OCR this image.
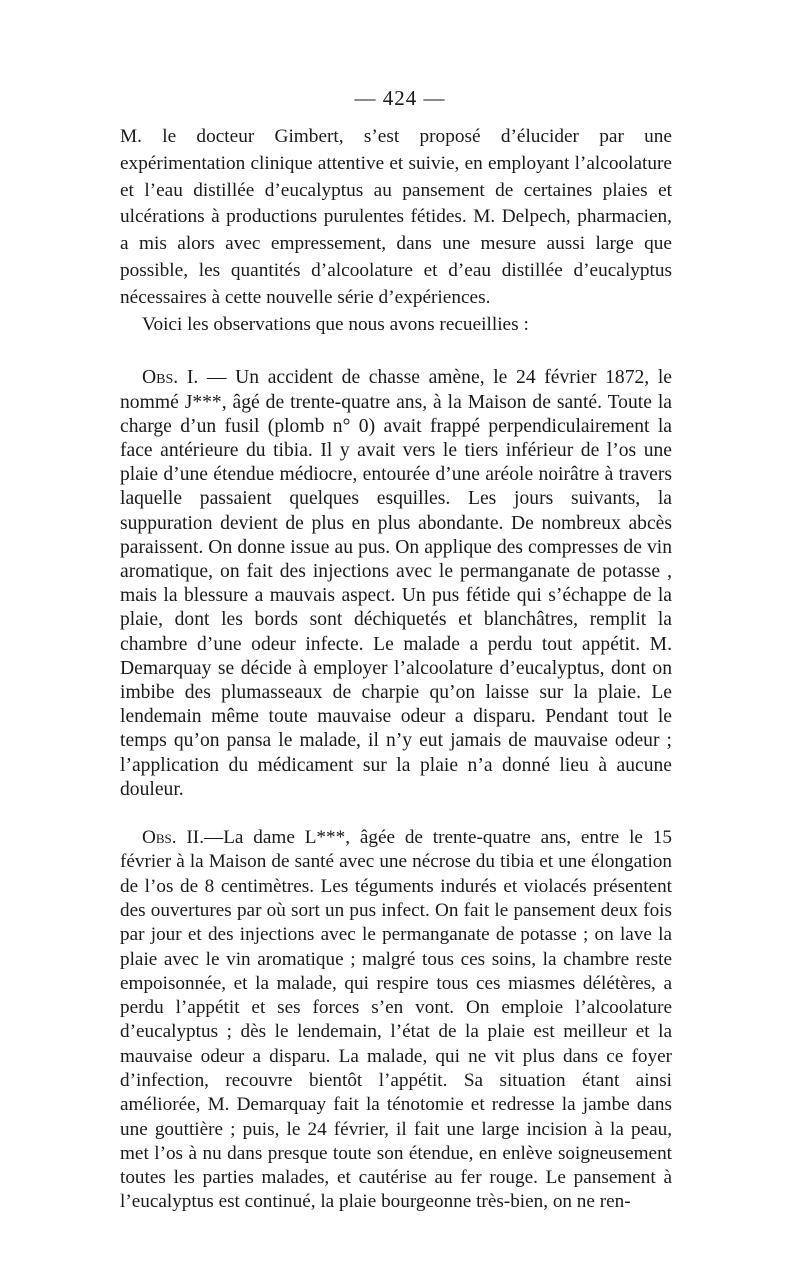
— 424 —

M. le docteur Gimbert, s’est proposé d’élucider par une expérimentation clinique attentive et suivie, en employant l’alcoolature et l’eau distillée d’eucalyptus au pansement de certaines plaies et ulcérations à productions purulentes fétides. M. Delpech, pharmacien, a mis alors avec empressement, dans une mesure aussi large que possible, les quantités d’alcoolature et d’eau distillée d’eucalyptus nécessaires à cette nouvelle série d’expériences.

Voici les observations que nous avons recueillies :

Obs. I. — Un accident de chasse amène, le 24 février 1872, le nommé J***, âgé de trente-quatre ans, à la Maison de santé. Toute la charge d’un fusil (plomb n° 0) avait frappé perpendiculairement la face antérieure du tibia. Il y avait vers le tiers inférieur de l’os une plaie d’une étendue médiocre, entourée d’une aréole noirâtre à travers laquelle passaient quelques esquilles. Les jours suivants, la suppuration devient de plus en plus abondante. De nombreux abcès paraissent. On donne issue au pus. On applique des compresses de vin aromatique, on fait des injections avec le permanganate de potasse , mais la blessure a mauvais aspect. Un pus fétide qui s’échappe de la plaie, dont les bords sont déchiquetés et blanchâtres, remplit la chambre d’une odeur infecte. Le malade a perdu tout appétit. M. Demarquay se décide à employer l’alcoolature d’eucalyptus, dont on imbibe des plumasseaux de charpie qu’on laisse sur la plaie. Le lendemain même toute mauvaise odeur a disparu. Pendant tout le temps qu’on pansa le malade, il n’y eut jamais de mauvaise odeur ; l’application du médicament sur la plaie n’a donné lieu à aucune douleur.

Obs. II.—La dame L***, âgée de trente-quatre ans, entre le 15 février à la Maison de santé avec une nécrose du tibia et une élongation de l’os de 8 centimètres. Les téguments indurés et violacés présentent des ouvertures par où sort un pus infect. On fait le pansement deux fois par jour et des injections avec le permanganate de potasse ; on lave la plaie avec le vin aromatique ; malgré tous ces soins, la chambre reste empoisonnée, et la malade, qui respire tous ces miasmes délétères, a perdu l’appétit et ses forces s’en vont. On emploie l’alcoolature d’eucalyptus ; dès le lendemain, l’état de la plaie est meilleur et la mauvaise odeur a disparu. La malade, qui ne vit plus dans ce foyer d’infection, recouvre bientôt l’appétit. Sa situation étant ainsi améliorée, M. Demarquay fait la ténotomie et redresse la jambe dans une gouttière ; puis, le 24 février, il fait une large incision à la peau, met l’os à nu dans presque toute son étendue, en enlève soigneusement toutes les parties malades, et cautérise au fer rouge. Le pansement à l’eucalyptus est continué, la plaie bourgeonne très-bien, on ne ren-
